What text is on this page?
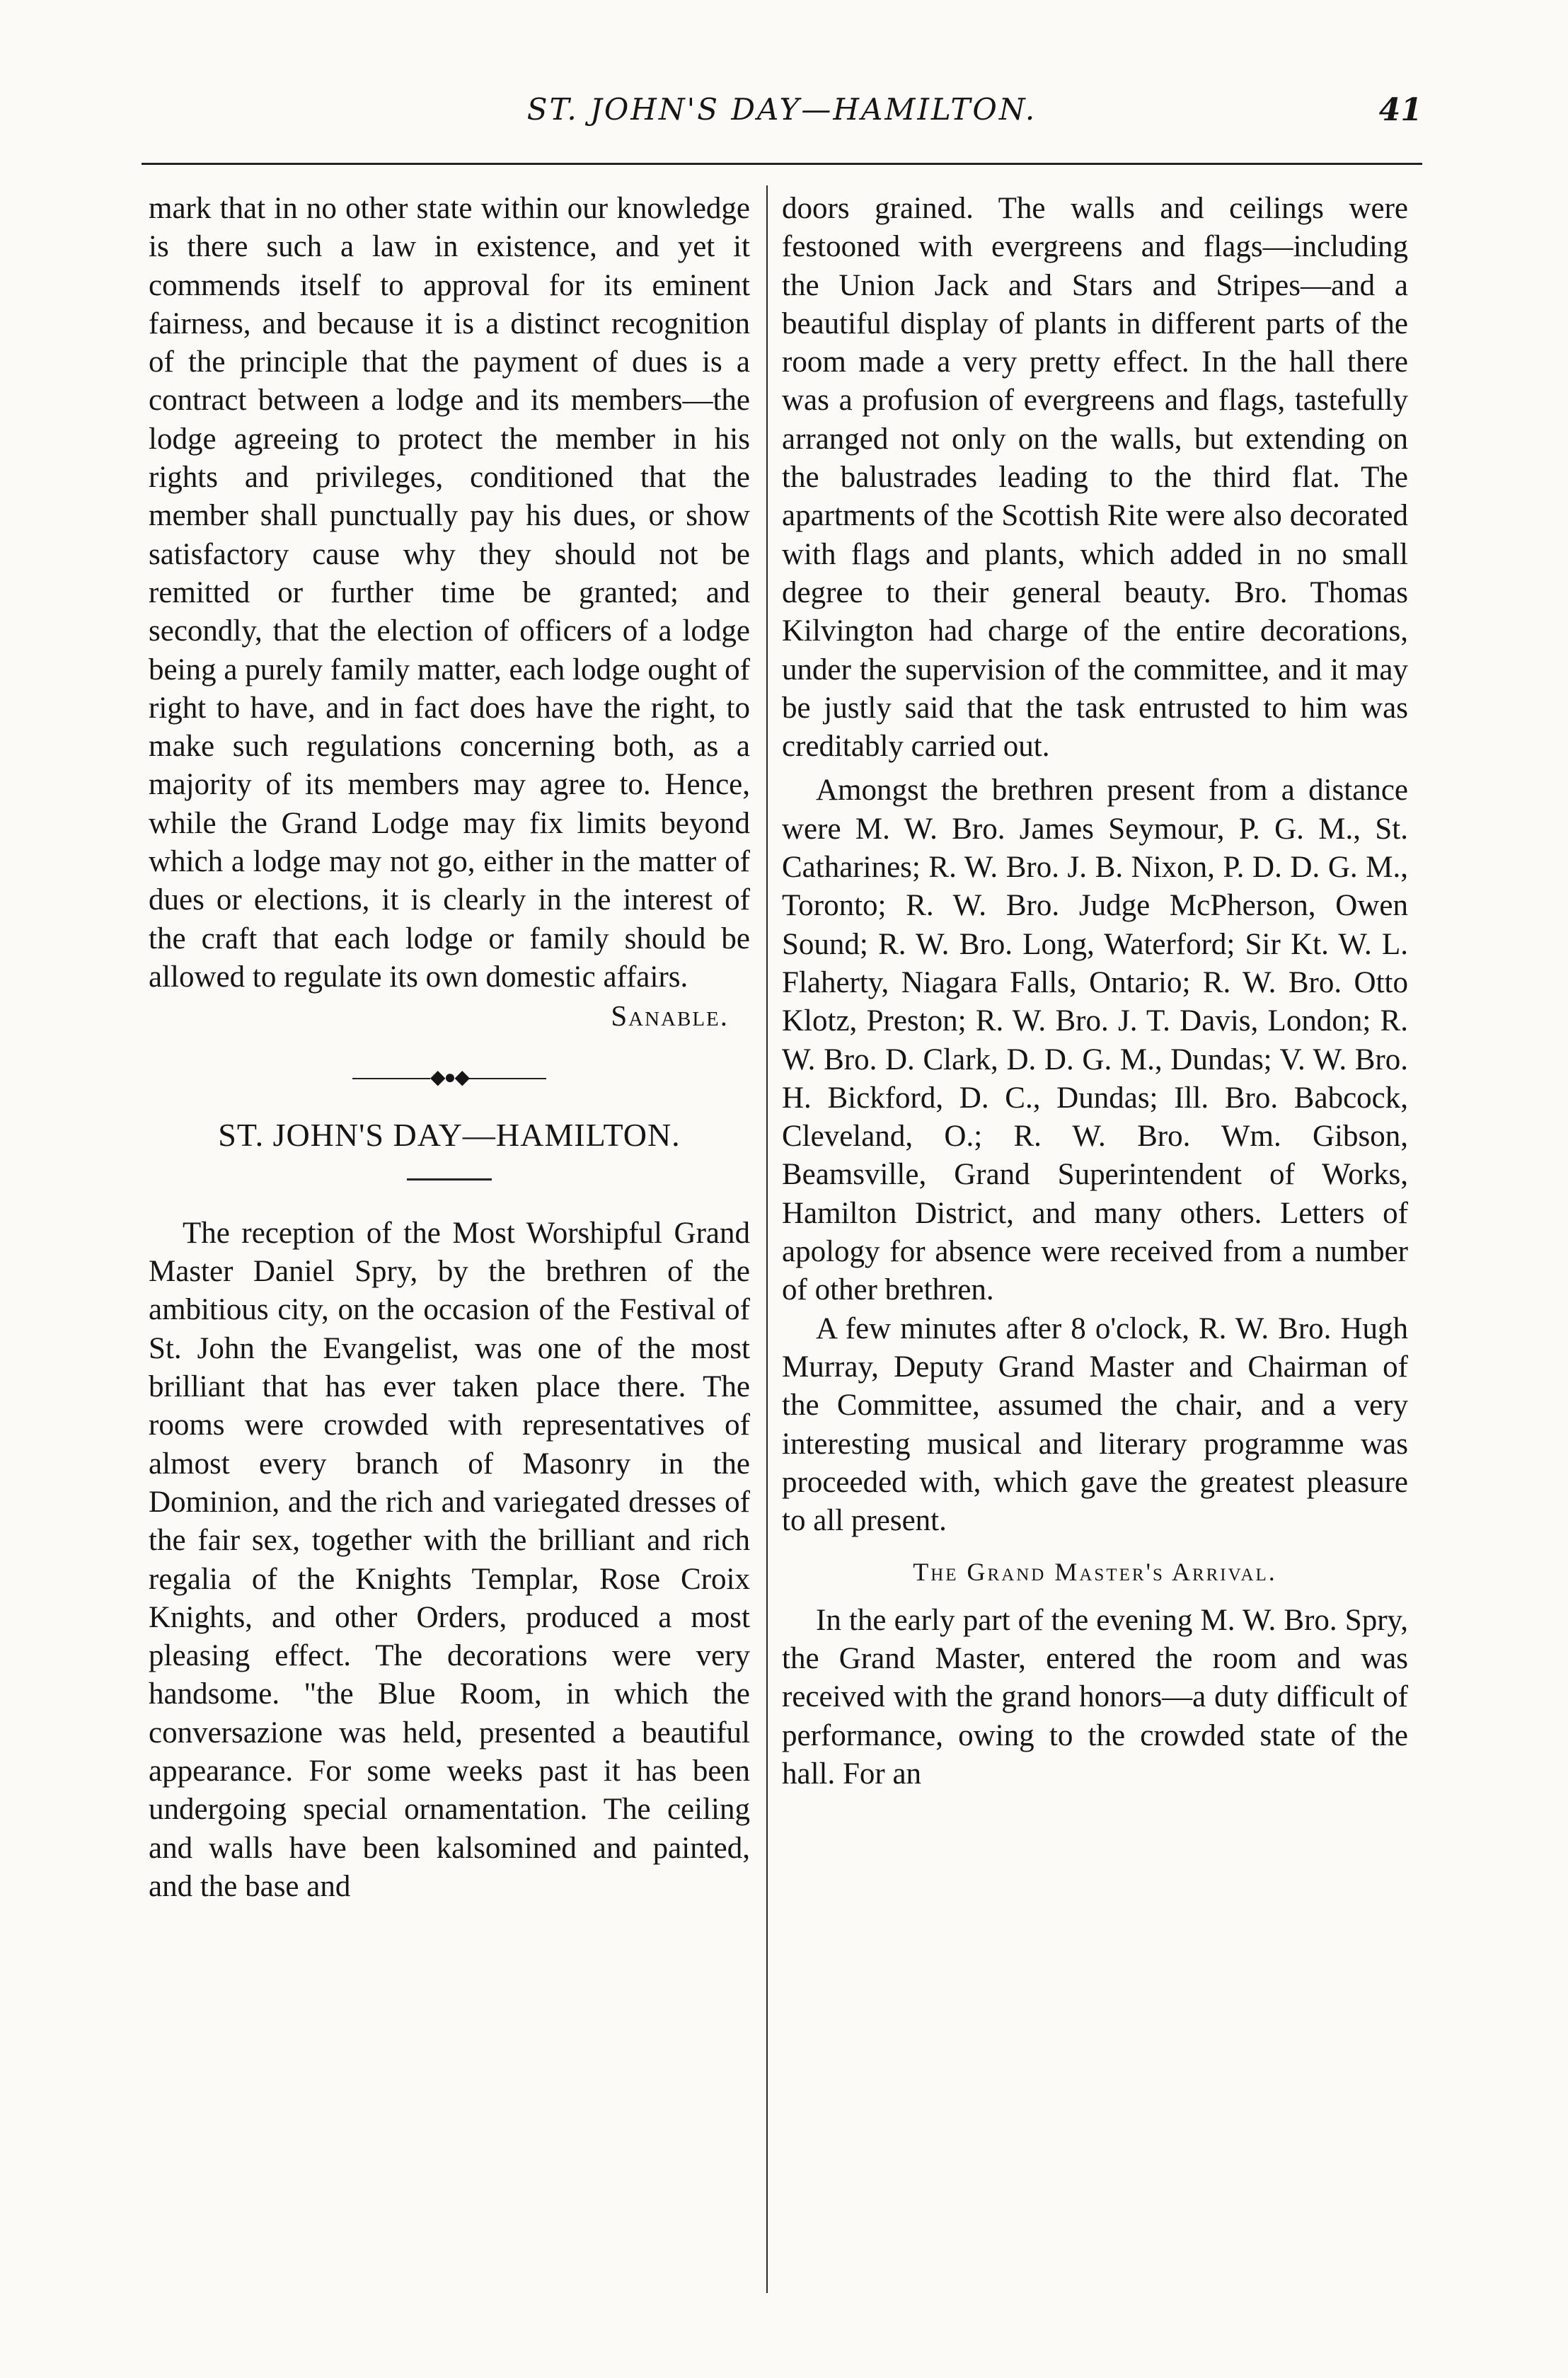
ST. JOHN'S DAY—HAMILTON.	41

mark that in no other state within our knowledge is there such a law in existence, and yet it commends itself to approval for its eminent fairness, and because it is a distinct recognition of the principle that the payment of dues is a contract between a lodge and its members—the lodge agreeing to protect the member in his rights and privileges, conditioned that the member shall punctually pay his dues, or show satisfactory cause why they should not be remitted or further time be granted; and secondly, that the election of officers of a lodge being a purely family matter, each lodge ought of right to have, and in fact does have the right, to make such regulations concerning both, as a majority of its members may agree to. Hence, while the Grand Lodge may fix limits beyond which a lodge may not go, either in the matter of dues or elections, it is clearly in the interest of the craft that each lodge or family should be allowed to regulate its own domestic affairs.

Sanable.

◆●◆

ST. JOHN'S DAY—HAMILTON.

The reception of the Most Worshipful Grand Master Daniel Spry, by the brethren of the ambitious city, on the occasion of the Festival of St. John the Evangelist, was one of the most brilliant that has ever taken place there. The rooms were crowded with representatives of almost every branch of Masonry in the Dominion, and the rich and variegated dresses of the fair sex, together with the brilliant and rich regalia of the Knights Templar, Rose Croix Knights, and other Orders, produced a most pleasing effect. The decorations were very handsome. "the Blue Room, in which the conversazione was held, presented a beautiful appearance. For some weeks past it has been undergoing special ornamentation. The ceiling and walls have been kalsomined and painted, and the base and

doors grained. The walls and ceilings were festooned with evergreens and flags—including the Union Jack and Stars and Stripes—and a beautiful display of plants in different parts of the room made a very pretty effect. In the hall there was a profusion of evergreens and flags, tastefully arranged not only on the walls, but extending on the balustrades leading to the third flat. The apartments of the Scottish Rite were also decorated with flags and plants, which added in no small degree to their general beauty. Bro. Thomas Kilvington had charge of the entire decorations, under the supervision of the committee, and it may be justly said that the task entrusted to him was creditably carried out.

Amongst the brethren present from a distance were M. W. Bro. James Seymour, P. G. M., St. Catharines; R. W. Bro. J. B. Nixon, P. D. D. G. M., Toronto; R. W. Bro. Judge McPherson, Owen Sound; R. W. Bro. Long, Waterford; Sir Kt. W. L. Flaherty, Niagara Falls, Ontario; R. W. Bro. Otto Klotz, Preston; R. W. Bro. J. T. Davis, London; R. W. Bro. D. Clark, D. D. G. M., Dundas; V. W. Bro. H. Bickford, D. C., Dundas; Ill. Bro. Babcock, Cleveland, O.; R. W. Bro. Wm. Gibson, Beamsville, Grand Superintendent of Works, Hamilton District, and many others. Letters of apology for absence were received from a number of other brethren.

A few minutes after 8 o'clock, R. W. Bro. Hugh Murray, Deputy Grand Master and Chairman of the Committee, assumed the chair, and a very interesting musical and literary programme was proceeded with, which gave the greatest pleasure to all present.

The Grand Master's Arrival.

In the early part of the evening M. W. Bro. Spry, the Grand Master, entered the room and was received with the grand honors—a duty difficult of performance, owing to the crowded state of the hall. For an
